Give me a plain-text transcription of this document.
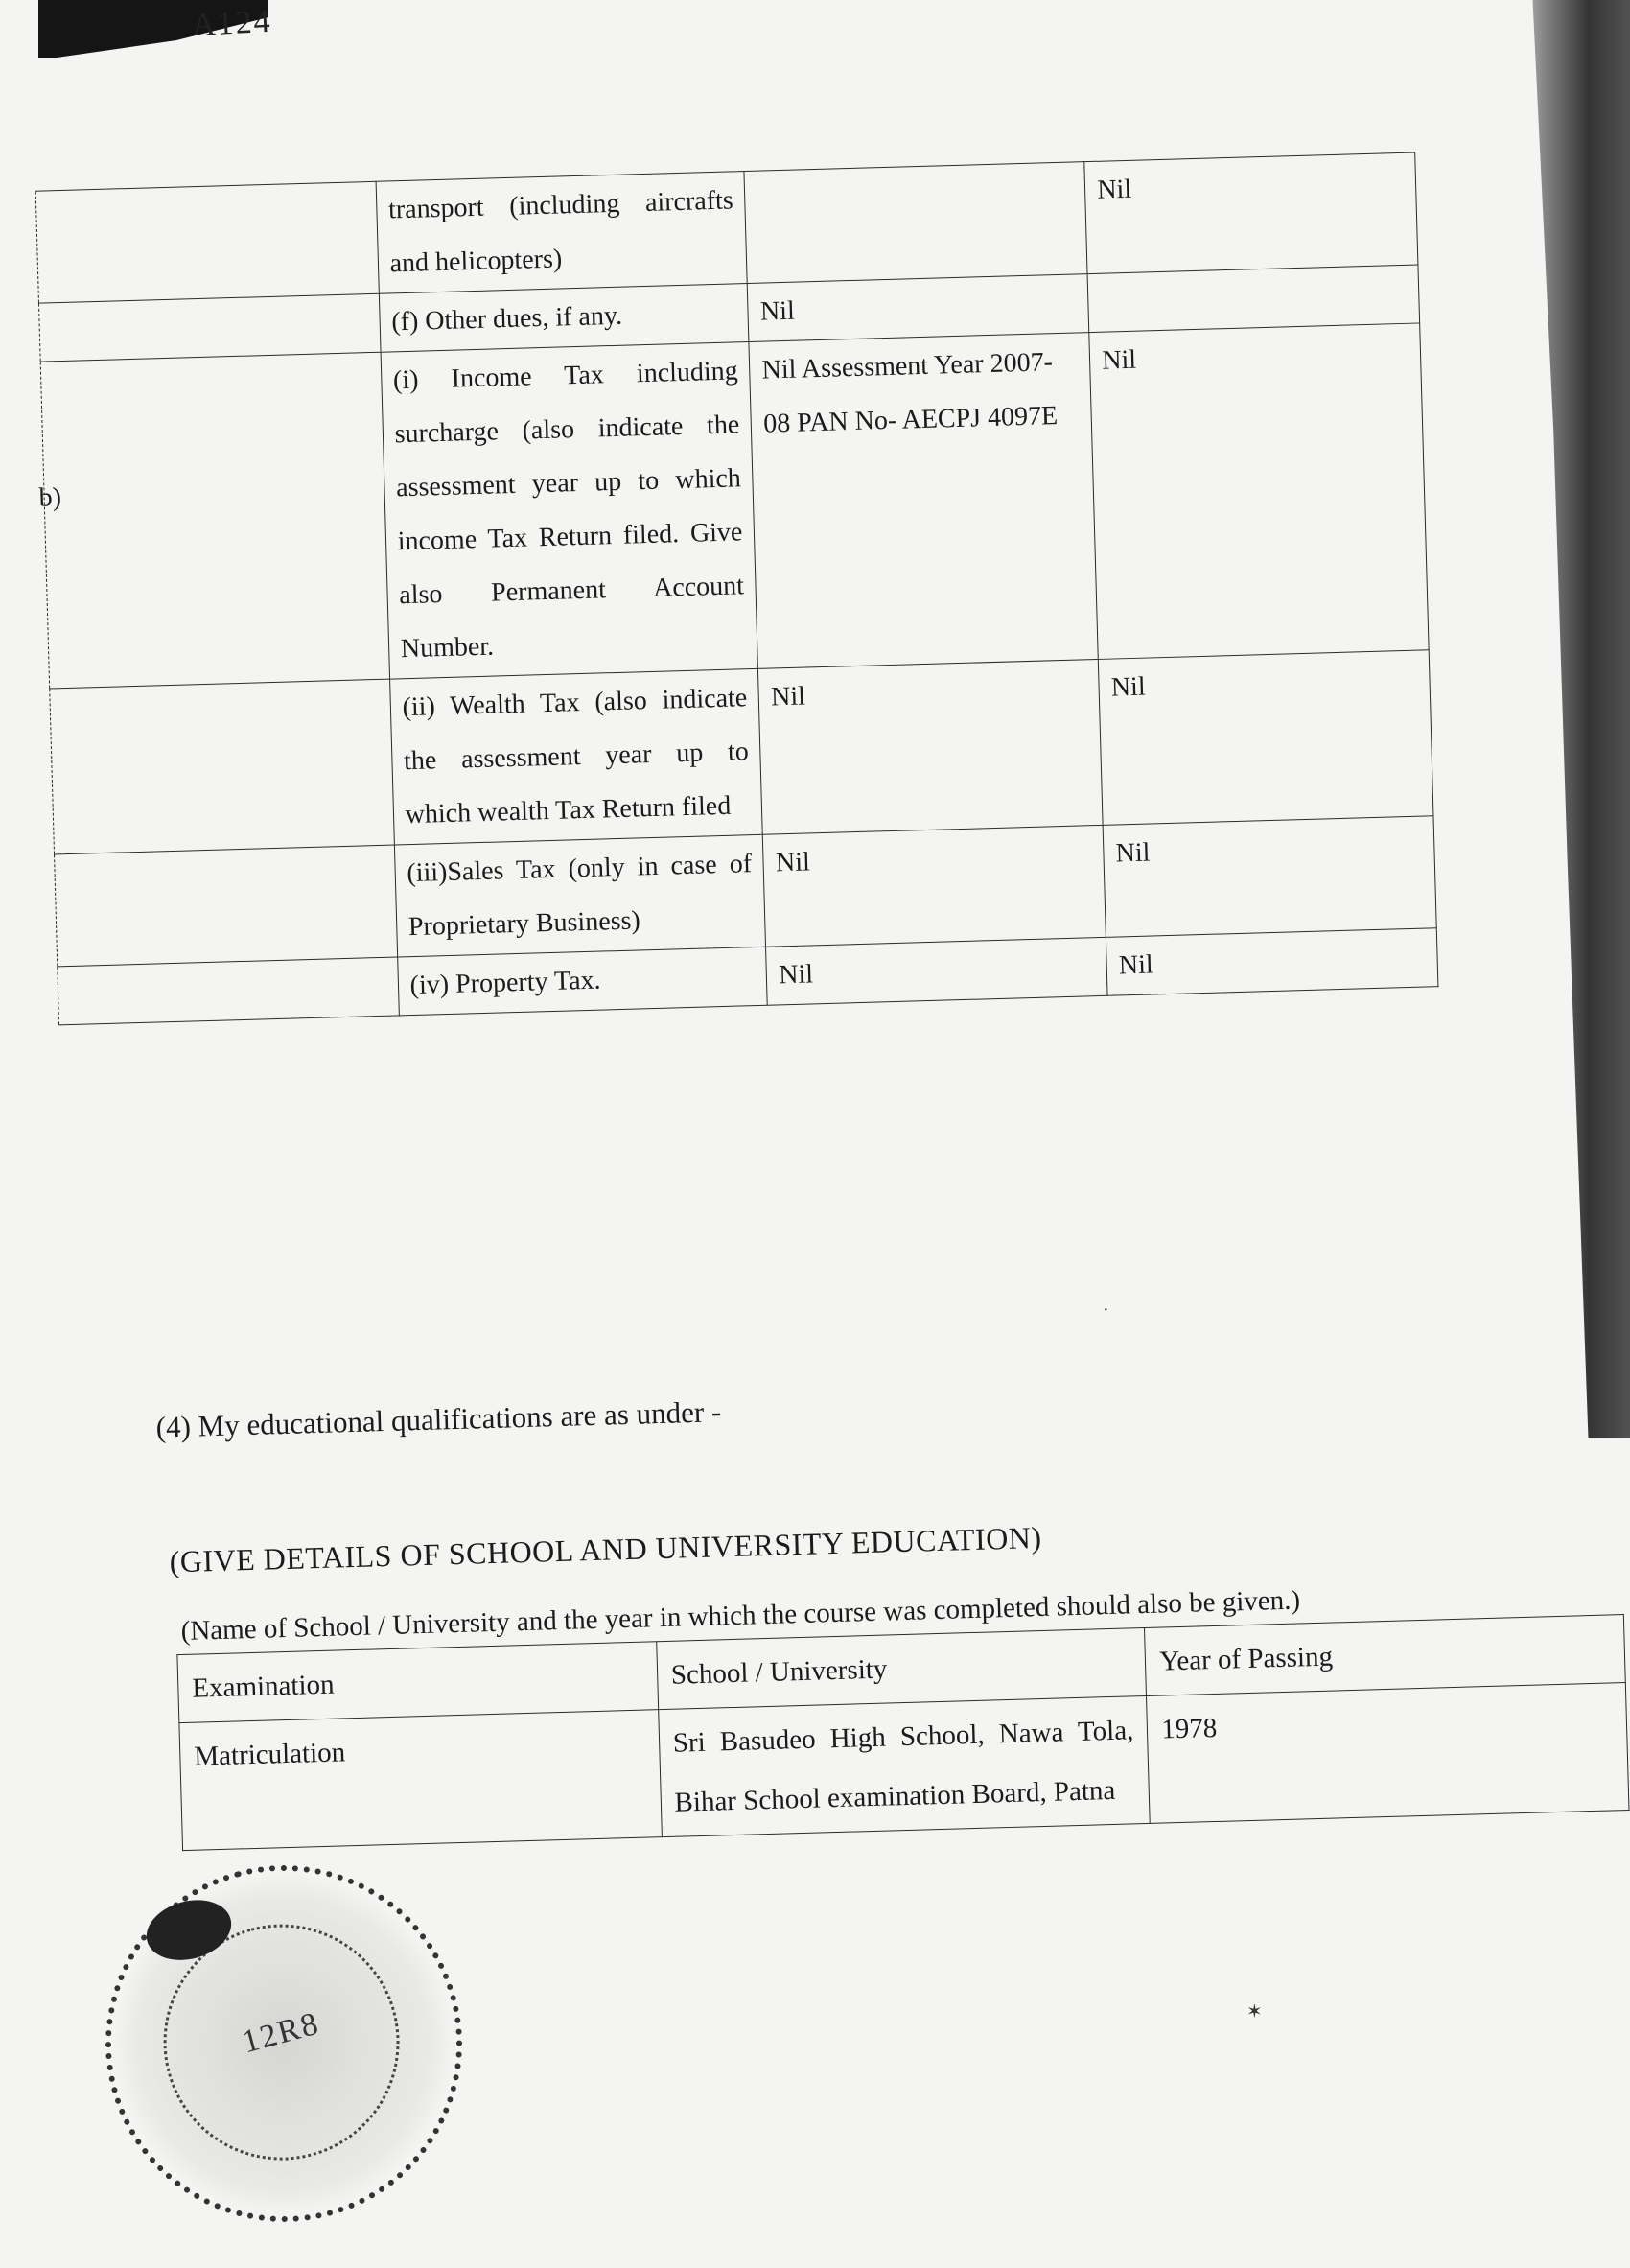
A124
b)
	transport (including aircrafts and helicopters)		Nil
	(f) Other dues, if any.	Nil	
	(i) Income Tax including surcharge (also indicate the assessment year up to which income Tax Return filed. Give also Permanent Account Number.	Nil Assessment Year 2007-08 PAN No- AECPJ 4097E	Nil
	(ii) Wealth Tax (also indicate the assessment year up to which wealth Tax Return filed	Nil	Nil
	(iii)Sales Tax (only in case of Proprietary Business)	Nil	Nil
	(iv) Property Tax.	Nil	Nil
(4) My educational qualifications are as under -
(GIVE DETAILS OF SCHOOL AND UNIVERSITY EDUCATION)
(Name of School / University and the year in which the course was completed should also be given.)
Examination	School / University	Year of Passing
Matriculation	Sri Basudeo High School, Nawa Tola, Bihar School examination Board, Patna	1978
12R8	✶
·
